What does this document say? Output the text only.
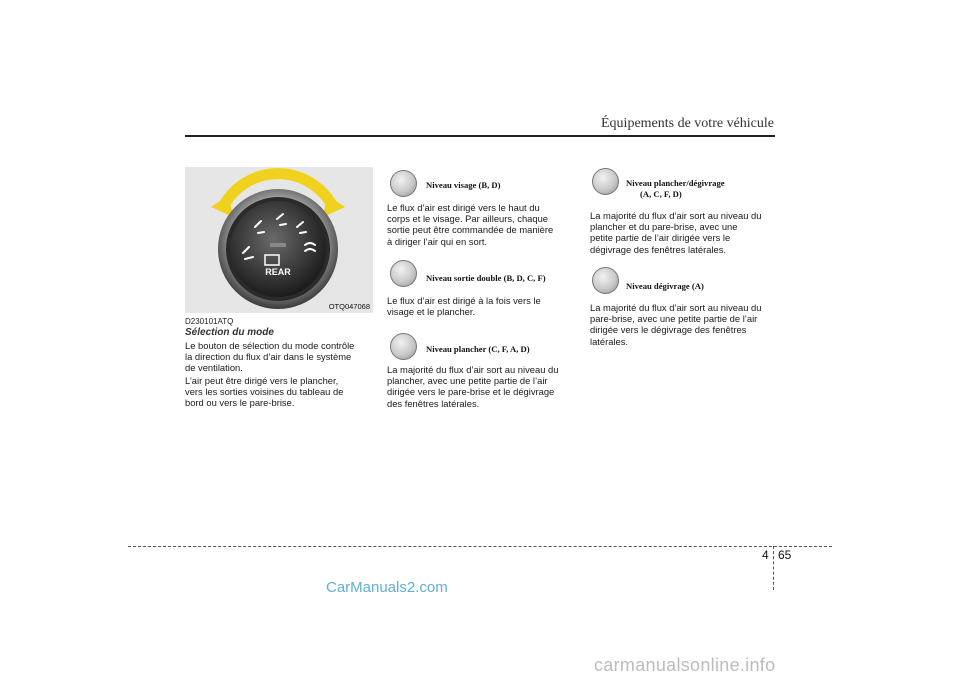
Équipements de votre véhicule
REAR
OTQ047068
D230101ATQ
Sélection du mode
Le bouton de sélection du mode contrôle
la direction du flux d’air dans le système
de ventilation.
L’air peut être dirigé vers le plancher,
vers les sorties voisines du tableau de
bord ou vers le pare-brise.
Niveau visage (B, D)
Le flux d’air est dirigé vers le haut du
corps et le visage. Par ailleurs, chaque
sortie peut être commandée de manière
à diriger l’air qui en sort.
Niveau sortie double (B, D, C, F)
Le flux d’air est dirigé à la fois vers le
visage et le plancher.
Niveau plancher (C, F, A, D)
La majorité du flux d’air sort au niveau du
plancher, avec une petite partie de l’air
dirigée vers le pare-brise et le dégivrage
des fenêtres latérales.
Niveau plancher/dégivrage
(A, C, F, D)
La majorité du flux d’air sort au niveau du
plancher et du pare-brise, avec une
petite partie de l’air dirigée vers le
dégivrage des fenêtres latérales.
Niveau dégivrage (A)
La majorité du flux d’air sort au niveau du
pare-brise, avec une petite partie de l’air
dirigée vers le dégivrage des fenêtres
latérales.
4 65
CarManuals2.com
carmanualsonline.info
